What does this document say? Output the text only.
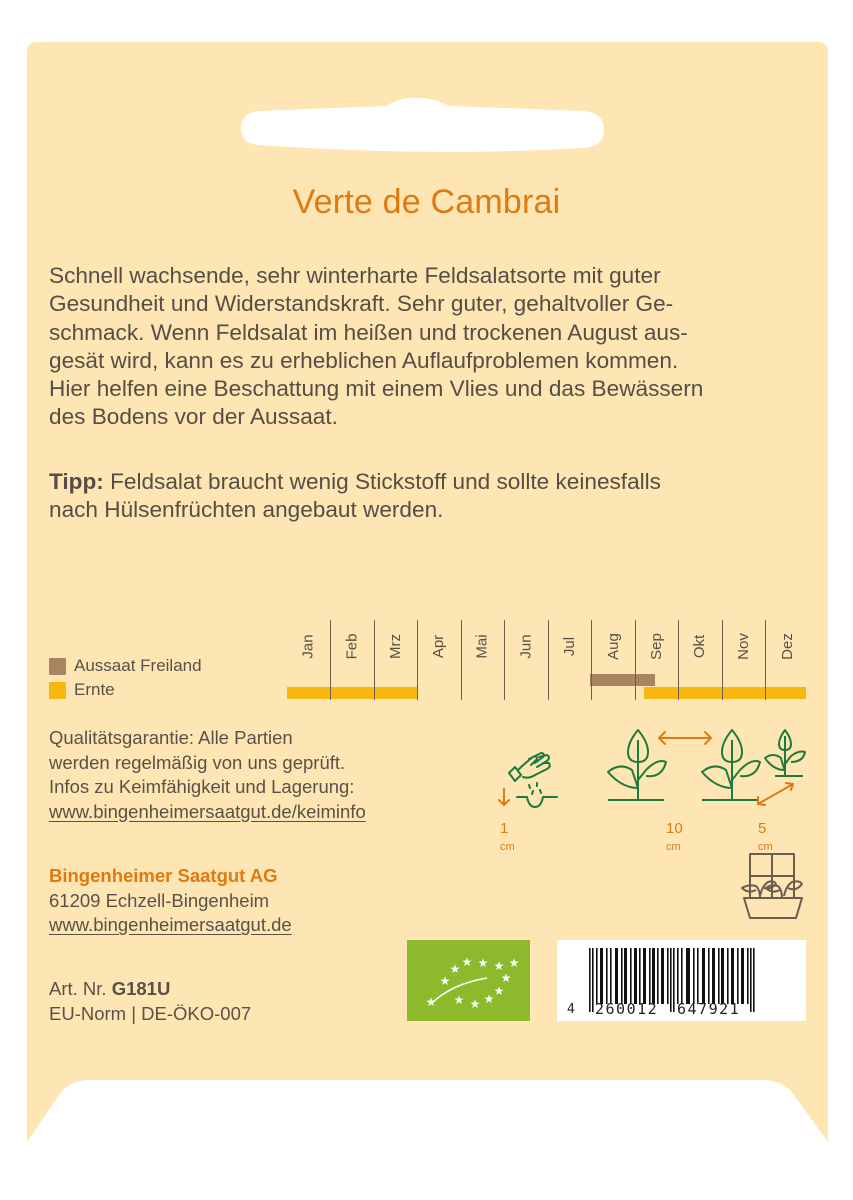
Verte de Cambrai
Schnell wachsende, sehr winterharte Feldsalatsorte mit guter
Gesundheit und Widerstandskraft. Sehr guter, gehaltvoller Ge-
schmack. Wenn Feldsalat im heißen und trockenen August aus-
gesät wird, kann es zu erheblichen Auflaufproblemen kommen.
Hier helfen eine Beschattung mit einem Vlies und das Bewässern
des Bodens vor der Aussaat.
Tipp: Feldsalat braucht wenig Stickstoff und sollte keinesfalls
nach Hülsenfrüchten angebaut werden.
Aussaat Freiland
Ernte
Jan Feb Mrz Apr Mai Jun Jul Aug Sep Okt Nov Dez
Qualitätsgarantie: Alle Partien
werden regelmäßig von uns geprüft.
Infos zu Keimfähigkeit und Lagerung:
www.bingenheimersaatgut.de/keiminfo
1 cm
10 cm
5 cm
Bingenheimer Saatgut AG
61209 Echzell-Bingenheim
www.bingenheimersaatgut.de
Art. Nr. G181U
EU-Norm | DE-ÖKO-007
★
★
★ ★ ★ ★ ★
★
★
★
★
★
4 260012 647921
